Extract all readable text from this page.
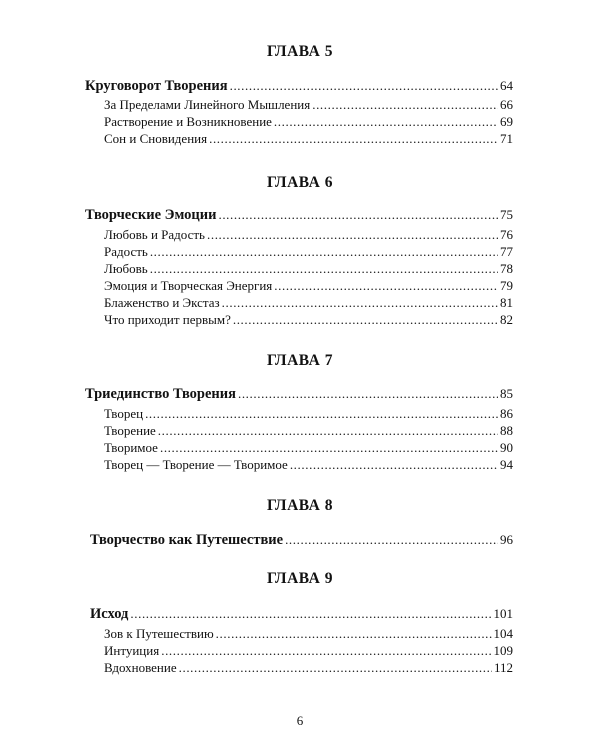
ГЛАВА 5
Круговорот Творения .....	64
За Пределами Линейного Мышления .....	66
Растворение и Возникновение .....	69
Сон и Сновидения .....	71
ГЛАВА 6
Творческие Эмоции .....	75
Любовь и Радость .....	76
Радость .....	77
Любовь .....	78
Эмоция и Творческая Энергия .....	79
Блаженство и Экстаз .....	81
Что приходит первым? .....	82
ГЛАВА 7
Триединство Творения .....	85
Творец .....	86
Творение .....	88
Творимое .....	90
Творец — Творение — Творимое .....	94
ГЛАВА 8
Творчество как Путешествие .....	96
ГЛАВА 9
Исход .....	101
Зов к Путешествию .....	104
Интуиция .....	109
Вдохновение .....	112
6
